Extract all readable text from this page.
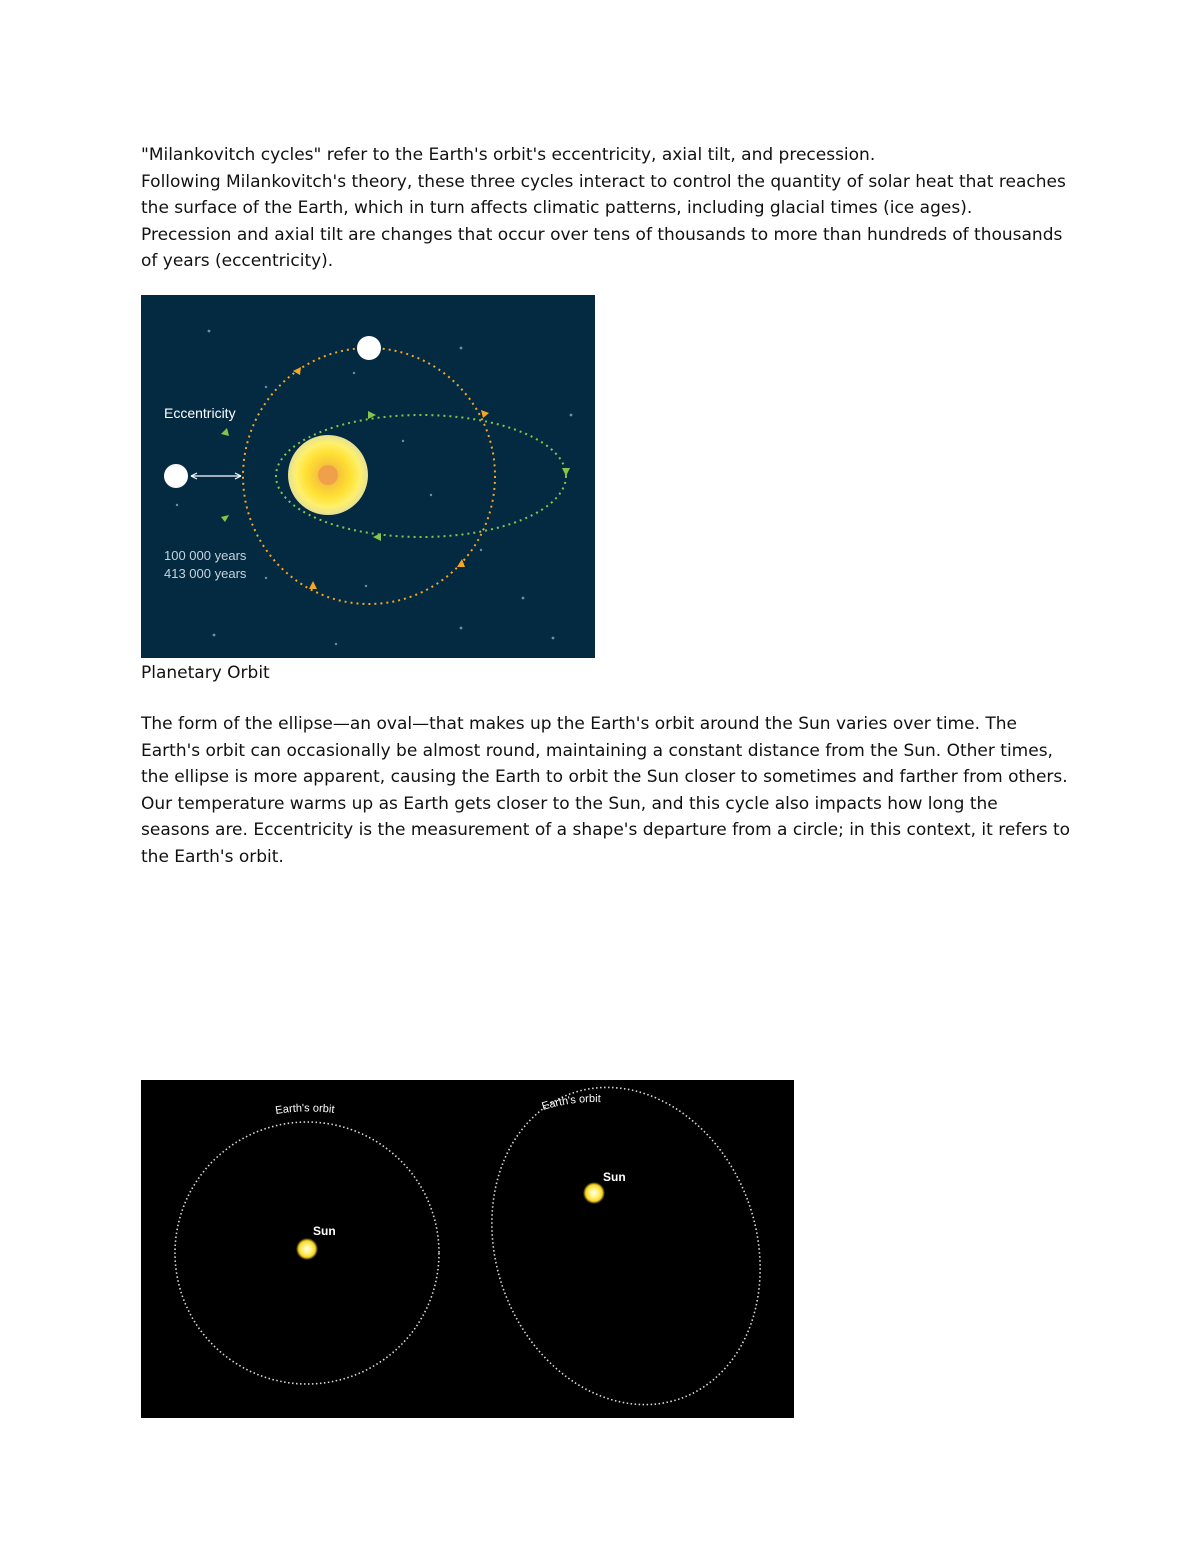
"Milankovitch cycles" refer to the Earth's orbit's eccentricity, axial tilt, and precession.

Following Milankovitch's theory, these three cycles interact to control the quantity of solar heat that reaches the surface of the Earth, which in turn affects climatic patterns, including glacial times (ice ages).

Precession and axial tilt are changes that occur over tens of thousands to more than hundreds of thousands of years (eccentricity).

Eccentricity
100 000 years
413 000 years

Planetary Orbit

The form of the ellipse—an oval—that makes up the Earth's orbit around the Sun varies over time. The Earth's orbit can occasionally be almost round, maintaining a constant distance from the Sun. Other times, the ellipse is more apparent, causing the Earth to orbit the Sun closer to sometimes and farther from others.

Our temperature warms up as Earth gets closer to the Sun, and this cycle also impacts how long the seasons are. Eccentricity is the measurement of a shape's departure from a circle; in this context, it refers to the Earth's orbit.

Sun
Earth's orbit
Sun
Earth's orbit
